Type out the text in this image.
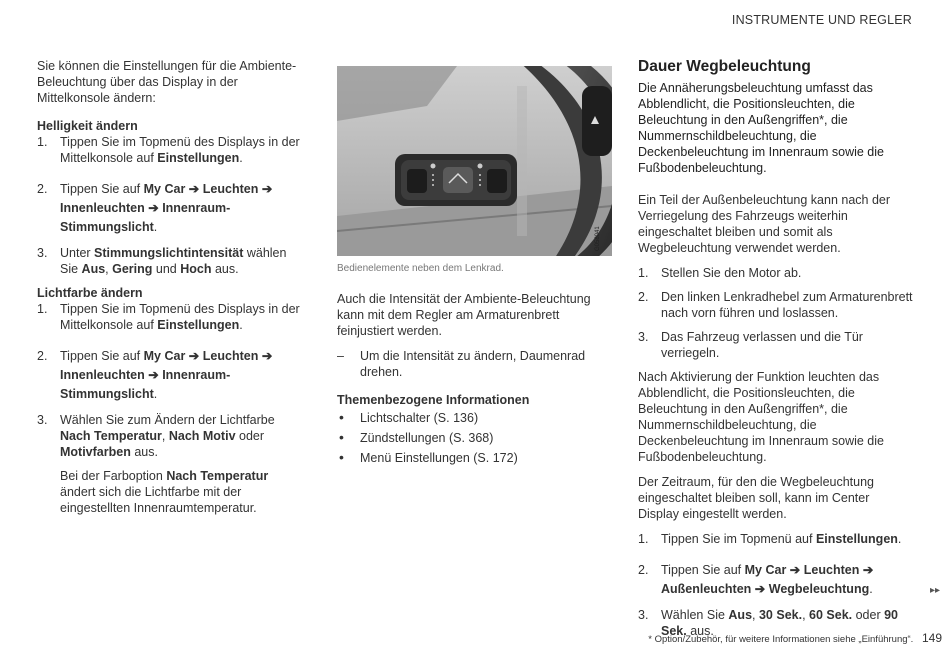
INSTRUMENTE UND REGLER

Sie können die Einstellungen für die Ambiente-Beleuchtung über das Display in der Mittelkonsole ändern:

Helligkeit ändern
1. Tippen Sie im Topmenü des Displays in der Mittelkonsole auf Einstellungen.
2. Tippen Sie auf My Car ➔ Leuchten ➔
Innenleuchten ➔ Innenraum-Stimmungslicht.
3. Unter Stimmungslichtintensität wählen Sie Aus, Gering und Hoch aus.
Lichtfarbe ändern
1. Tippen Sie im Topmenü des Displays in der Mittelkonsole auf Einstellungen.
2. Tippen Sie auf My Car ➔ Leuchten ➔
Innenleuchten ➔ Innenraum-Stimmungslicht.
3. Wählen Sie zum Ändern der Lichtfarbe Nach Temperatur, Nach Motiv oder Motivfarben aus.

Bei der Farboption Nach Temperatur ändert sich die Lichtfarbe mit der eingestellten Innenraumtemperatur.

G058041
Bedienelemente neben dem Lenkrad.

Auch die Intensität der Ambiente-Beleuchtung kann mit dem Regler am Armaturenbrett feinjustiert werden.

– Um die Intensität zu ändern, Daumenrad drehen.
Themenbezogene Informationen
• Lichtschalter (S. 136)
• Zündstellungen (S. 368)
• Menü Einstellungen (S. 172)
Dauer Wegbeleuchtung

Die Annäherungsbeleuchtung umfasst das Abblendlicht, die Positionsleuchten, die Beleuchtung in den Außengriffen*, die Nummernschildbeleuchtung, die Deckenbeleuchtung im Innenraum sowie die Fußbodenbeleuchtung.

Ein Teil der Außenbeleuchtung kann nach der Verriegelung des Fahrzeugs weiterhin eingeschaltet bleiben und somit als Wegbeleuchtung verwendet werden.

1. Stellen Sie den Motor ab.
2. Den linken Lenkradhebel zum Armaturenbrett nach vorn führen und loslassen.
3. Das Fahrzeug verlassen und die Tür verriegeln.

Nach Aktivierung der Funktion leuchten das Abblendlicht, die Positionsleuchten, die Beleuchtung in den Außengriffen*, die Nummernschildbeleuchtung, die Deckenbeleuchtung im Innenraum sowie die Fußbodenbeleuchtung.

Der Zeitraum, für den die Wegbeleuchtung eingeschaltet bleiben soll, kann im Center Display eingestellt werden.

1. Tippen Sie im Topmenü auf Einstellungen.
2. Tippen Sie auf My Car ➔ Leuchten ➔
Außenleuchten ➔ Wegbeleuchtung.
3. Wählen Sie Aus, 30 Sek., 60 Sek. oder 90 Sek. aus.
▸▸
* Option/Zubehör, für weitere Informationen siehe „Einführung“. 149
